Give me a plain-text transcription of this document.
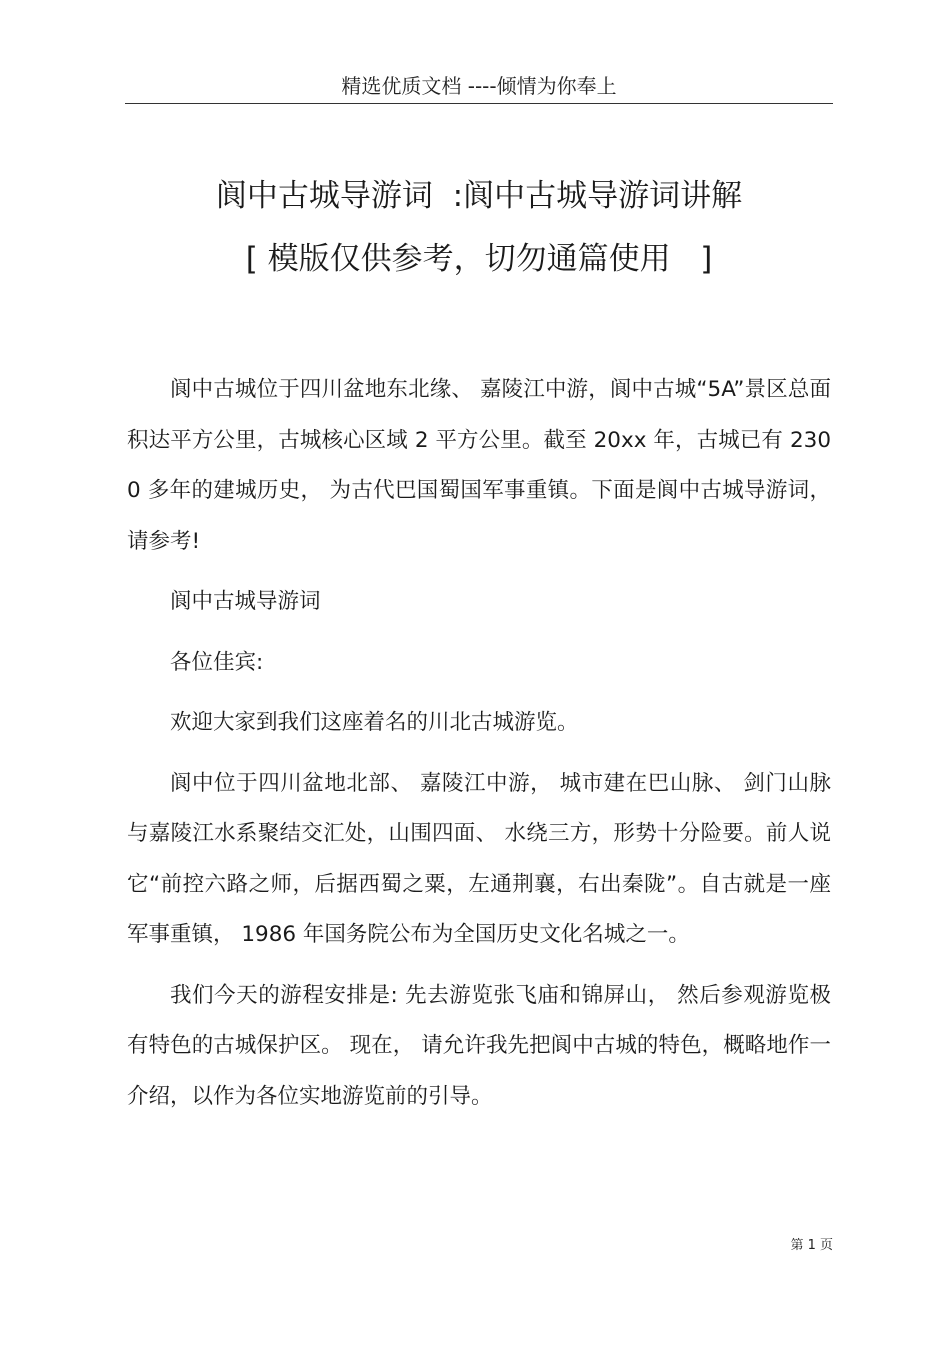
精选优质文档 ----倾情为你奉上
阆中古城导游词  :阆中古城导游词讲解
[ 模版仅供参考，切勿通篇使用   ]

阆中古城位于四川盆地东北缘、 嘉陵江中游，阆中古城“5A”景区总面积达平方公里，古城核心区域 2 平方公里。截至 20xx 年，古城已有 2300 多年的建城历史， 为古代巴国蜀国军事重镇。下面是阆中古城导游词，请参考!

阆中古城导游词

各位佳宾:

欢迎大家到我们这座着名的川北古城游览。

阆中位于四川盆地北部、 嘉陵江中游， 城市建在巴山脉、 剑门山脉与嘉陵江水系聚结交汇处，山围四面、 水绕三方，形势十分险要。前人说它“前控六路之师，后据西蜀之粟，左通荆襄，右出秦陇”。自古就是一座军事重镇， 1986 年国务院公布为全国历史文化名城之一。

我们今天的游程安排是: 先去游览张飞庙和锦屏山， 然后参观游览极有特色的古城保护区。 现在， 请允许我先把阆中古城的特色，概略地作一介绍，以作为各位实地游览前的引导。

第 1 页
